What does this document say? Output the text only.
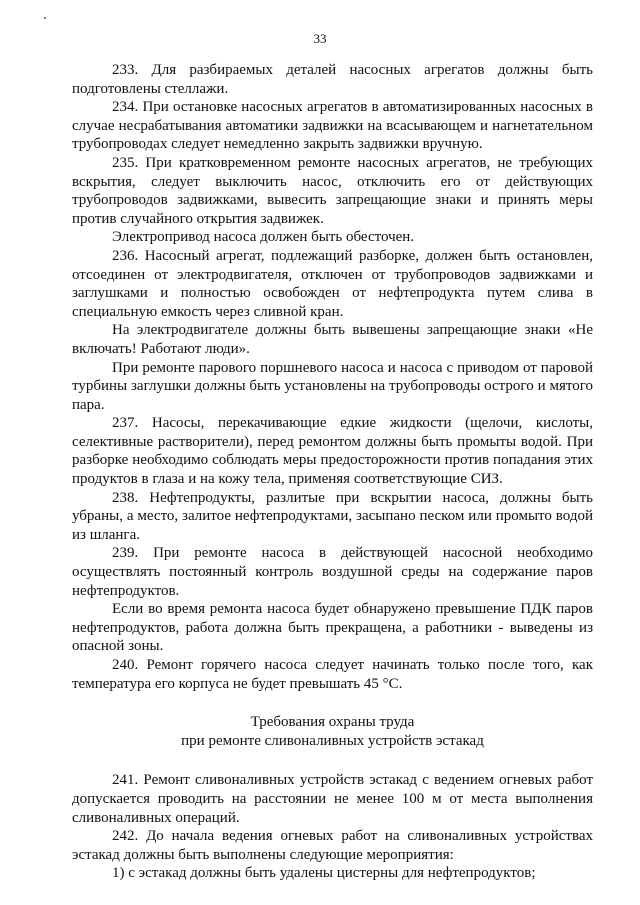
33

233. Для разбираемых деталей насосных агрегатов должны быть подготовлены стеллажи.

234. При остановке насосных агрегатов в автоматизированных насосных в случае несрабатывания автоматики задвижки на всасывающем и нагнетательном трубопроводах следует немедленно закрыть задвижки вручную.

235. При кратковременном ремонте насосных агрегатов, не требующих вскрытия, следует выключить насос, отключить его от действующих трубопроводов задвижками, вывесить запрещающие знаки и принять меры против случайного открытия задвижек.

Электропривод насоса должен быть обесточен.

236. Насосный агрегат, подлежащий разборке, должен быть остановлен, отсоединен от электродвигателя, отключен от трубопроводов задвижками и заглушками и полностью освобожден от нефтепродукта путем слива в специальную емкость через сливной кран.

На электродвигателе должны быть вывешены запрещающие знаки «Не включать! Работают люди».

При ремонте парового поршневого насоса и насоса с приводом от паровой турбины заглушки должны быть установлены на трубопроводы острого и мятого пара.

237. Насосы, перекачивающие едкие жидкости (щелочи, кислоты, селективные растворители), перед ремонтом должны быть промыты водой. При разборке необходимо соблюдать меры предосторожности против попадания этих продуктов в глаза и на кожу тела, применяя соответствующие СИЗ.

238. Нефтепродукты, разлитые при вскрытии насоса, должны быть убраны, а место, залитое нефтепродуктами, засыпано песком или промыто водой из шланга.

239. При ремонте насоса в действующей насосной необходимо осуществлять постоянный контроль воздушной среды на содержание паров нефтепродуктов.

Если во время ремонта насоса будет обнаружено превышение ПДК паров нефтепродуктов, работа должна быть прекращена, а работники - выведены из опасной зоны.

240. Ремонт горячего насоса следует начинать только после того, как температура его корпуса не будет превышать 45 °С.

Требования охраны труда
при ремонте сливоналивных устройств эстакад

241. Ремонт сливоналивных устройств эстакад с ведением огневых работ допускается проводить на расстоянии не менее 100 м от места выполнения сливоналивных операций.

242. До начала ведения огневых работ на сливоналивных устройствах эстакад должны быть выполнены следующие мероприятия:

1) с эстакад должны быть удалены цистерны для нефтепродуктов;
